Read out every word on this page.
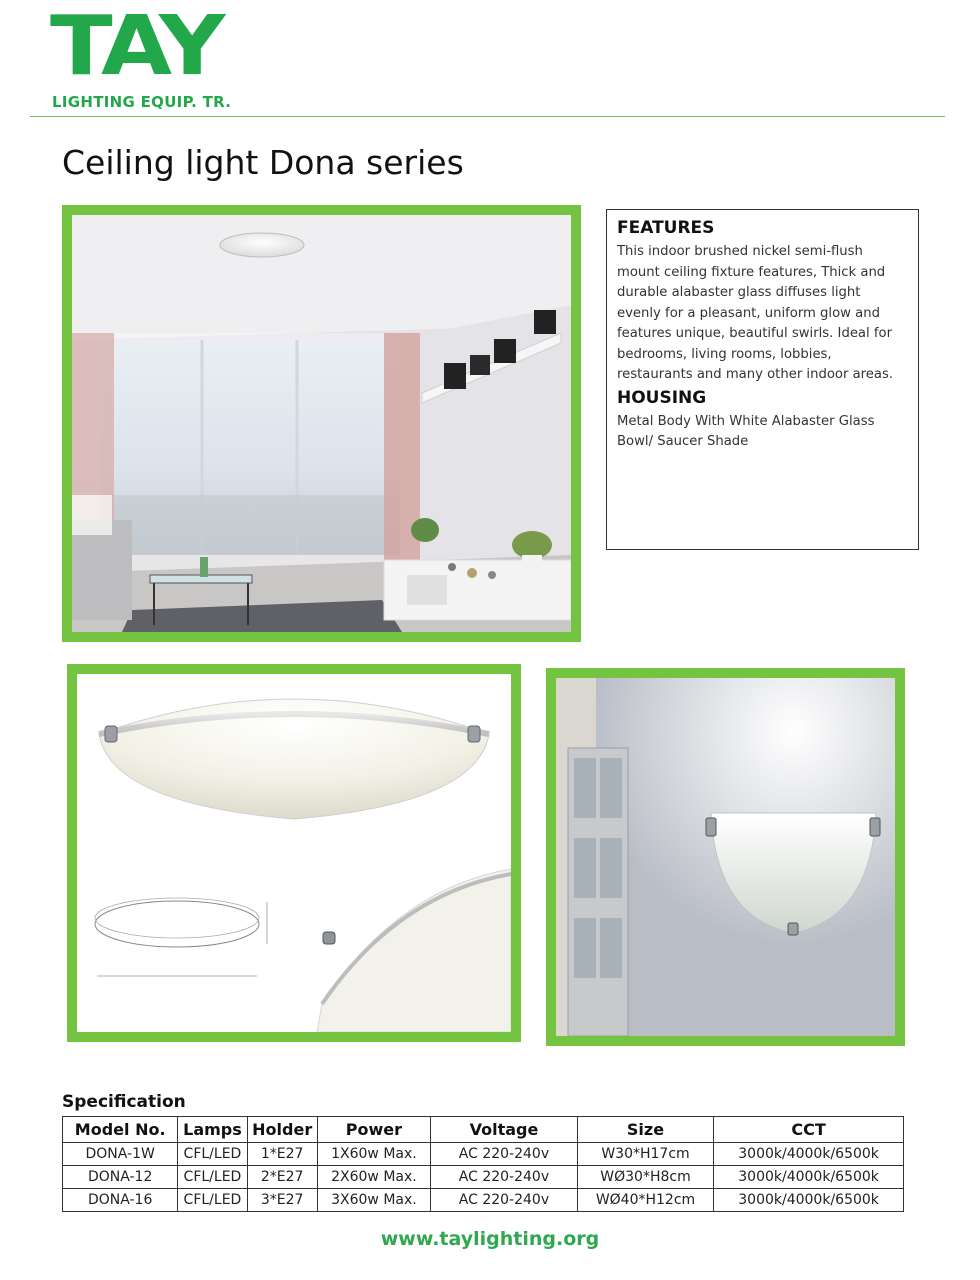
TAY
LIGHTING EQUIP. TR.
Ceiling light Dona series
FEATURES
This indoor brushed nickel semi-flush mount ceiling fixture features, Thick and durable alabaster glass diffuses light evenly for a pleasant, uniform glow and features unique, beautiful swirls. Ideal for bedrooms, living rooms, lobbies, restaurants and many other indoor areas.
HOUSING
Metal Body With White Alabaster Glass Bowl/ Saucer Shade
Specification
Model No.	Lamps	Holder	Power	Voltage	Size	CCT
DONA-1W	CFL/LED	1*E27	1X60w Max.	AC 220-240v	W30*H17cm	3000k/4000k/6500k
DONA-12	CFL/LED	2*E27	2X60w Max.	AC 220-240v	WØ30*H8cm	3000k/4000k/6500k
DONA-16	CFL/LED	3*E27	3X60w Max.	AC 220-240v	WØ40*H12cm	3000k/4000k/6500k
www.taylighting.org
